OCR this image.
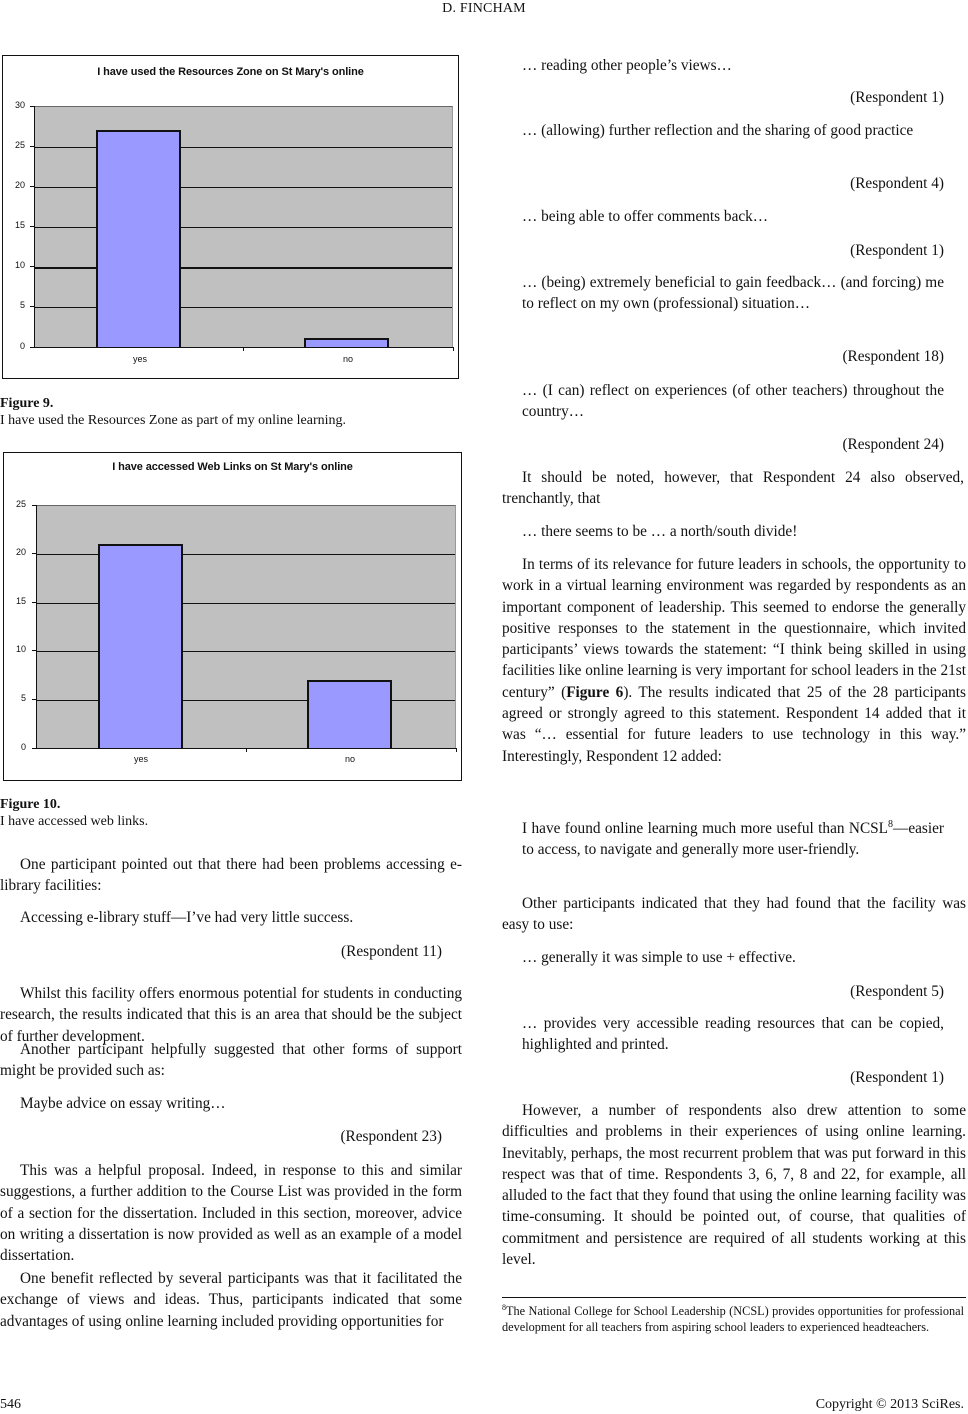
D. FINCHAM
I have used the Resources Zone on St Mary's online
30
25
20
15
10
5
0
yes	no
Figure 9.
I have used the Resources Zone as part of my online learning.
I have accessed Web Links on St Mary's online
25
20
15
10
5
0
yes	no
Figure 10.
I have accessed web links.
One participant pointed out that there had been problems accessing e-library facilities:
Accessing e-library stuff—I’ve had very little success.
(Respondent 11)
Whilst this facility offers enormous potential for students in conducting research, the results indicated that this is an area that should be the subject of further development.
Another participant helpfully suggested that other forms of support might be provided such as:
Maybe advice on essay writing…
(Respondent 23)
This was a helpful proposal. Indeed, in response to this and similar suggestions, a further addition to the Course List was provided in the form of a section for the dissertation. Included in this section, moreover, advice on writing a dissertation is now provided as well as an example of a model dissertation.
One benefit reflected by several participants was that it facilitated the exchange of views and ideas. Thus, participants indicated that some advantages of using online learning included providing opportunities for
… reading other people’s views…
(Respondent 1)
… (allowing) further reflection and the sharing of good practice
(Respondent 4)
… being able to offer comments back…
(Respondent 1)
… (being) extremely beneficial to gain feedback… (and forcing) me to reflect on my own (professional) situation…
(Respondent 18)
… (I can) reflect on experiences (of other teachers) throughout the country…
(Respondent 24)
It should be noted, however, that Respondent 24 also observed, trenchantly, that
… there seems to be … a north/south divide!
In terms of its relevance for future leaders in schools, the opportunity to work in a virtual learning environment was regarded by respondents as an important component of leadership. This seemed to endorse the generally positive responses to the statement in the questionnaire, which invited participants’ views towards the statement: “I think being skilled in using facilities like online learning is very important for school leaders in the 21st century” (Figure 6). The results indicated that 25 of the 28 participants agreed or strongly agreed to this statement. Respondent 14 added that it was “… essential for future leaders to use technology in this way.” Interestingly, Respondent 12 added:
I have found online learning much more useful than NCSL$^8$—easier to access, to navigate and generally more user-friendly.
Other participants indicated that they had found that the facility was easy to use:
… generally it was simple to use + effective.
(Respondent 5)
… provides very accessible reading resources that can be copied, highlighted and printed.
(Respondent 1)
However, a number of respondents also drew attention to some difficulties and problems in their experiences of using online learning. Inevitably, perhaps, the most recurrent problem that was put forward in this respect was that of time. Respondents 3, 6, 7, 8 and 22, for example, all alluded to the fact that they found that using the online learning facility was time-consuming. It should be pointed out, of course, that qualities of commitment and persistence are required of all students working at this level.
$^8$The National College for School Leadership (NCSL) provides opportunities for professional development for all teachers from aspiring school leaders to experienced headteachers.
546	Copyright © 2013 SciRes.
